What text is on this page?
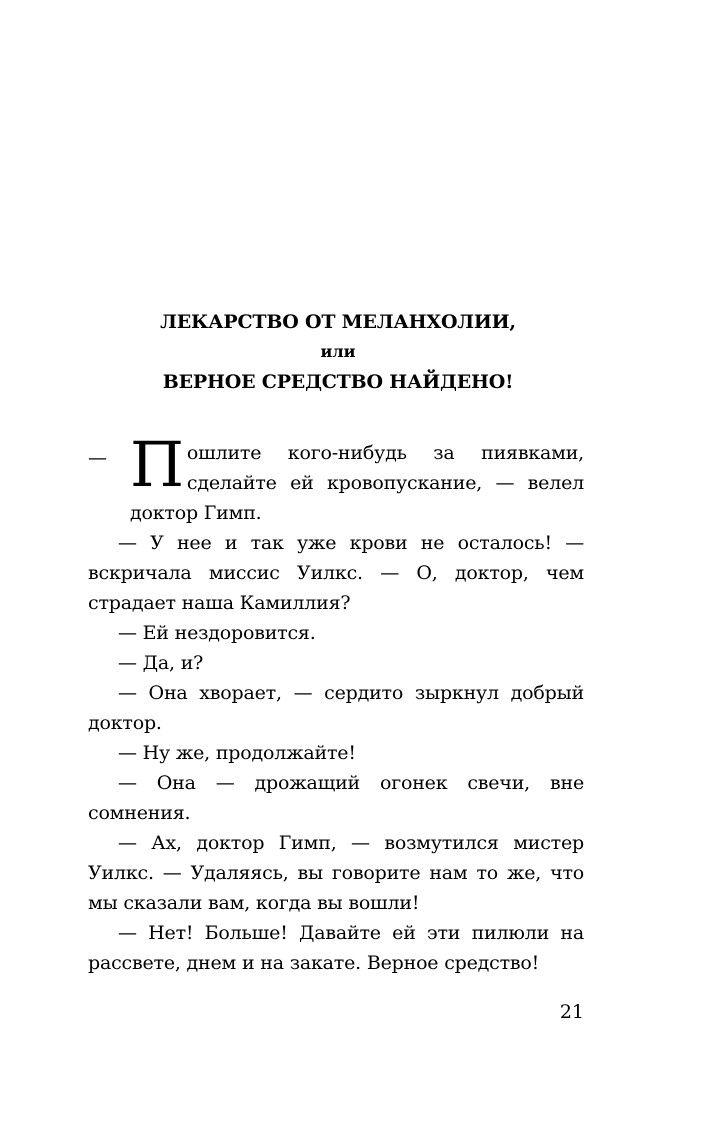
ЛЕКАРСТВО ОТ МЕЛАНХОЛИИ,
или
ВЕРНОЕ СРЕДСТВО НАЙДЕНО!

— П ошлите кого-нибудь за пиявками, сделайте ей кровопускание, — велел доктор Гимп.

— У нее и так уже крови не осталось! — вскричала миссис Уилкс. — О, доктор, чем страдает наша Камиллия?

— Ей нездоровится.

— Да, и?

— Она хворает, — сердито зыркнул добрый доктор.

— Ну же, продолжайте!

— Она — дрожащий огонек свечи, вне сомнения.

— Ах, доктор Гимп, — возмутился мистер Уилкс. — Удаляясь, вы говорите нам то же, что мы сказали вам, когда вы вошли!

— Нет! Больше! Давайте ей эти пилюли на рассвете, днем и на закате. Верное средство!

21
